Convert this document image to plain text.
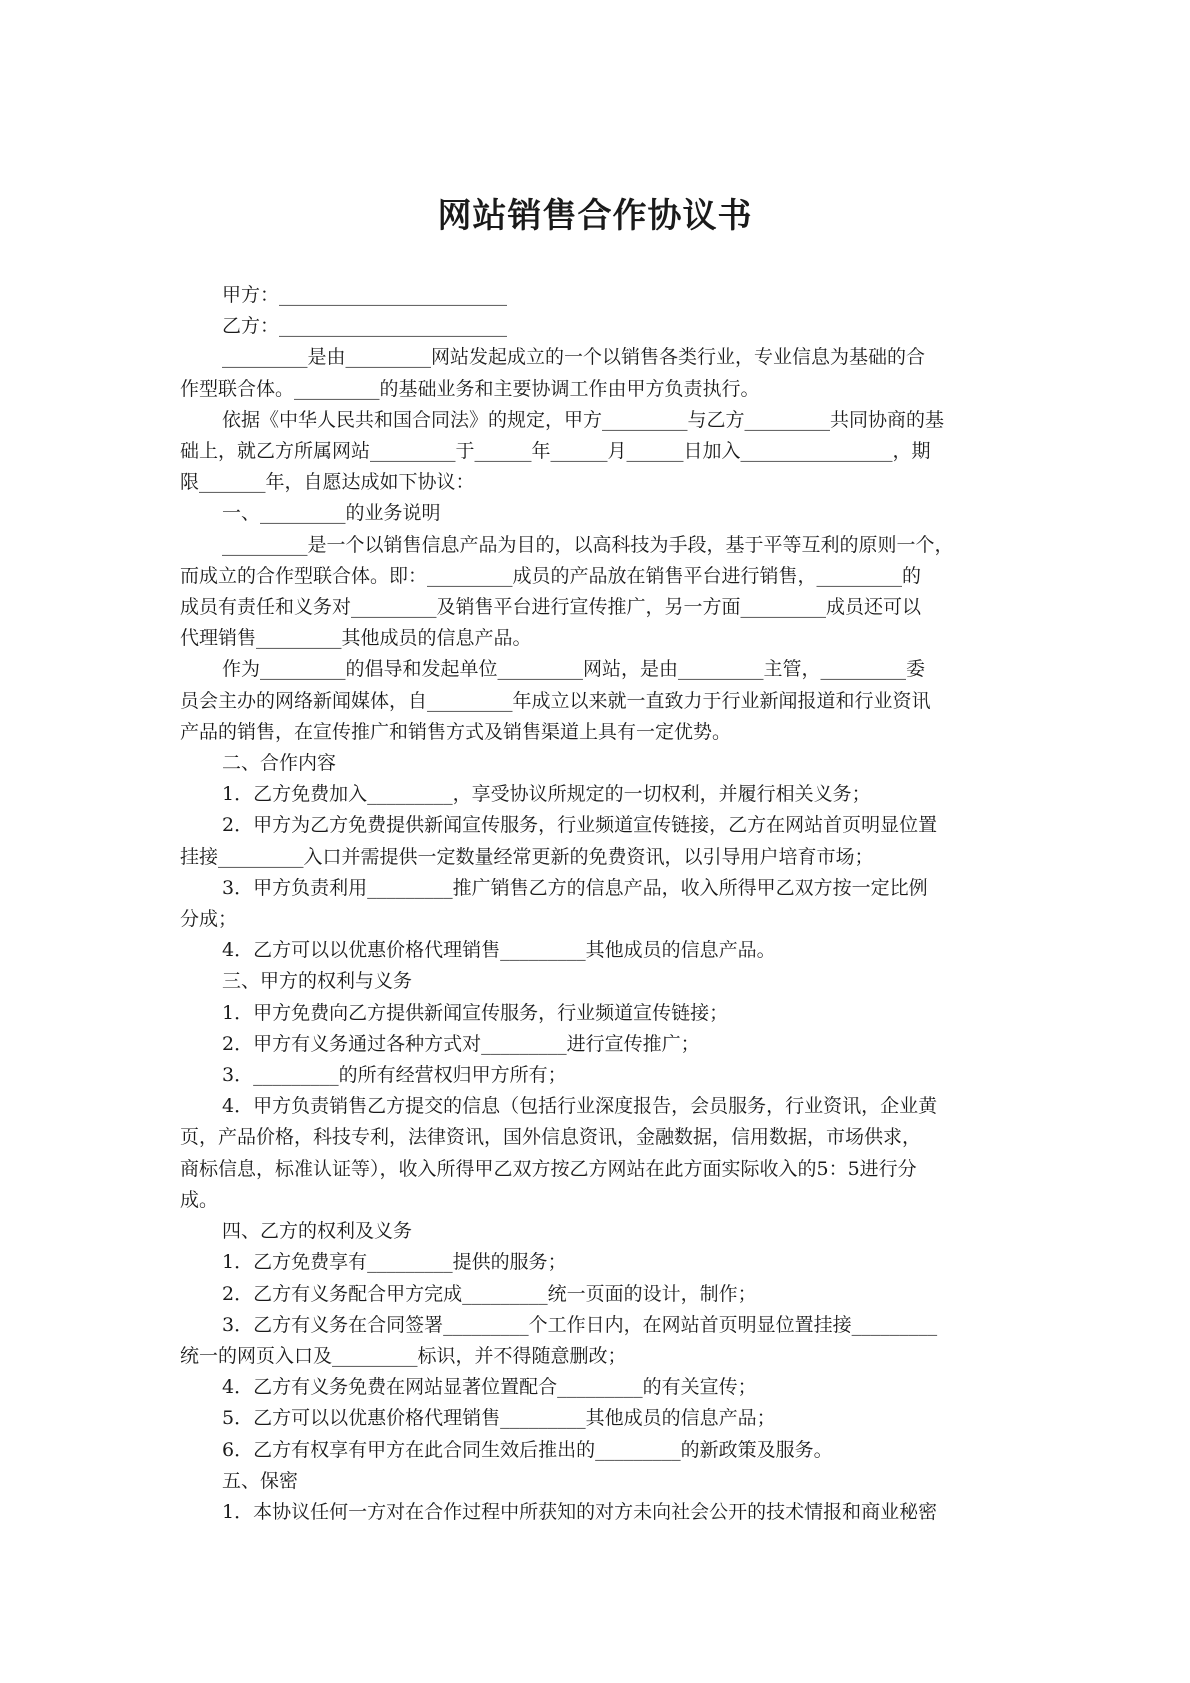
网站销售合作协议书

甲方：________________________

乙方：________________________

_________是由_________网站发起成立的一个以销售各类行业，专业信息为基础的合

作型联合体。_________的基础业务和主要协调工作由甲方负责执行。

依据《中华人民共和国合同法》的规定，甲方_________与乙方_________共同协商的基

础上，就乙方所属网站_________于______年______月______日加入________________，期

限_______年，自愿达成如下协议：

一、_________的业务说明

_________是一个以销售信息产品为目的，以高科技为手段，基于平等互利的原则一个，

而成立的合作型联合体。即：_________成员的产品放在销售平台进行销售，_________的

成员有责任和义务对_________及销售平台进行宣传推广，另一方面_________成员还可以

代理销售_________其他成员的信息产品。

作为_________的倡导和发起单位_________网站，是由_________主管，_________委

员会主办的网络新闻媒体，自_________年成立以来就一直致力于行业新闻报道和行业资讯

产品的销售，在宣传推广和销售方式及销售渠道上具有一定优势。

二、合作内容

1．乙方免费加入_________，享受协议所规定的一切权利，并履行相关义务；

2．甲方为乙方免费提供新闻宣传服务，行业频道宣传链接，乙方在网站首页明显位置

挂接_________入口并需提供一定数量经常更新的免费资讯，以引导用户培育市场；

3．甲方负责利用_________推广销售乙方的信息产品，收入所得甲乙双方按一定比例

分成；

4．乙方可以以优惠价格代理销售_________其他成员的信息产品。

三、甲方的权利与义务

1．甲方免费向乙方提供新闻宣传服务，行业频道宣传链接；

2．甲方有义务通过各种方式对_________进行宣传推广；

3．_________的所有经营权归甲方所有；

4．甲方负责销售乙方提交的信息（包括行业深度报告，会员服务，行业资讯，企业黄

页，产品价格，科技专利，法律资讯，国外信息资讯，金融数据，信用数据，市场供求，

商标信息，标准认证等），收入所得甲乙双方按乙方网站在此方面实际收入的5：5进行分

成。

四、乙方的权利及义务

1．乙方免费享有_________提供的服务；

2．乙方有义务配合甲方完成_________统一页面的设计，制作；

3．乙方有义务在合同签署_________个工作日内，在网站首页明显位置挂接_________

统一的网页入口及_________标识，并不得随意删改；

4．乙方有义务免费在网站显著位置配合_________的有关宣传；

5．乙方可以以优惠价格代理销售_________其他成员的信息产品；

6．乙方有权享有甲方在此合同生效后推出的_________的新政策及服务。

五、保密

1．本协议任何一方对在合作过程中所获知的对方未向社会公开的技术情报和商业秘密
